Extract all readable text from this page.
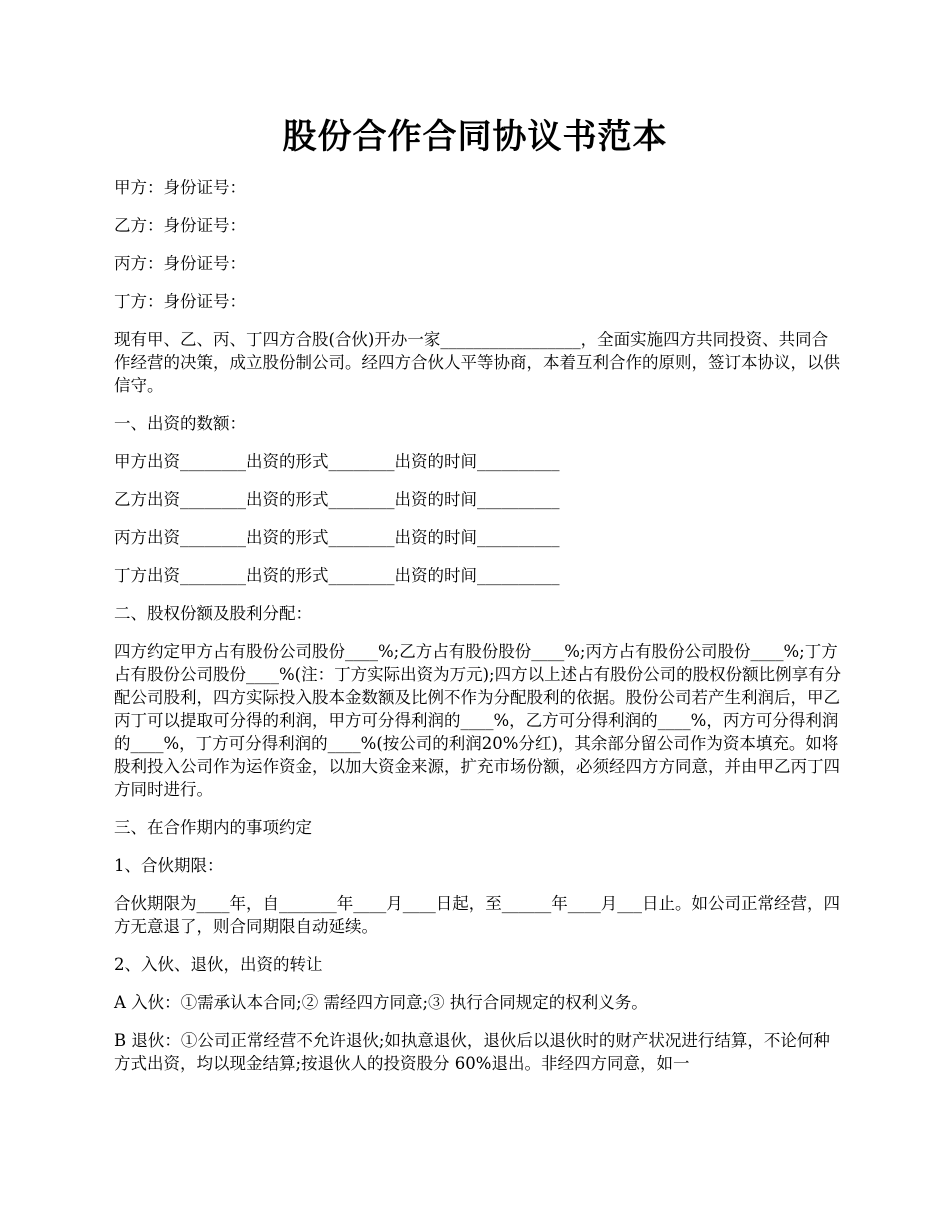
股份合作合同协议书范本

甲方：身份证号：

乙方：身份证号：

丙方：身份证号：

丁方：身份证号：

现有甲、乙、丙、丁四方合股(合伙)开办一家_________________，全面实施四方共同投资、共同合作经营的决策，成立股份制公司。经四方合伙人平等协商，本着互利合作的原则，签订本协议，以供信守。

一、出资的数额：

甲方出资________出资的形式________出资的时间__________

乙方出资________出资的形式________出资的时间__________

丙方出资________出资的形式________出资的时间__________

丁方出资________出资的形式________出资的时间__________

二、股权份额及股利分配：

四方约定甲方占有股份公司股份____%;乙方占有股份股份____%;丙方占有股份公司股份____%;丁方占有股份公司股份____%(注：丁方实际出资为万元);四方以上述占有股份公司的股权份额比例享有分配公司股利，四方实际投入股本金数额及比例不作为分配股利的依据。股份公司若产生利润后，甲乙丙丁可以提取可分得的利润，甲方可分得利润的____%，乙方可分得利润的____%，丙方可分得利润的____%，丁方可分得利润的____%(按公司的利润20%分红)，其余部分留公司作为资本填充。如将股利投入公司作为运作资金，以加大资金来源，扩充市场份额，必须经四方方同意，并由甲乙丙丁四方同时进行。

三、在合作期内的事项约定

1、合伙期限：

合伙期限为____年，自_______年____月____日起，至______年____月___日止。如公司正常经营，四方无意退了，则合同期限自动延续。

2、入伙、退伙，出资的转让

A 入伙：①需承认本合同;② 需经四方同意;③ 执行合同规定的权利义务。

B 退伙：①公司正常经营不允许退伙;如执意退伙，退伙后以退伙时的财产状况进行结算，不论何种方式出资，均以现金结算;按退伙人的投资股分 60%退出。非经四方同意，如一
